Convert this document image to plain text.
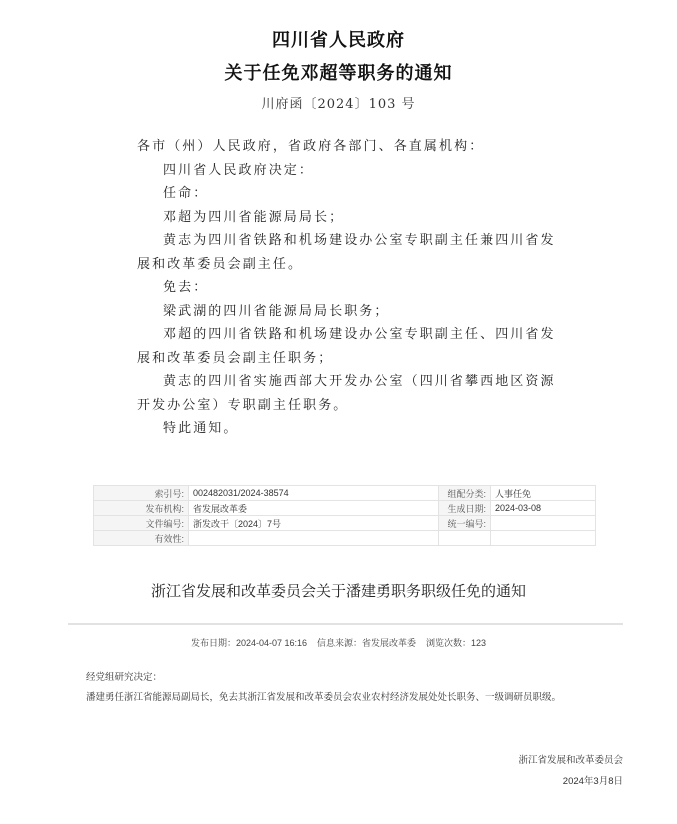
四川省人民政府
关于任免邓超等职务的通知
川府函〔2024〕103 号

各市（州）人民政府，省政府各部门、各直属机构：

四川省人民政府决定：

任命：

邓超为四川省能源局局长；

黄志为四川省铁路和机场建设办公室专职副主任兼四川省发展和改革委员会副主任。

免去：

梁武湖的四川省能源局局长职务；

邓超的四川省铁路和机场建设办公室专职副主任、四川省发展和改革委员会副主任职务；

黄志的四川省实施西部大开发办公室（四川省攀西地区资源开发办公室）专职副主任职务。

特此通知。

索引号:	002482031/2024-38574	组配分类:	人事任免
发布机构:	省发展改革委	生成日期:	2024-03-08
文件编号:	浙发改干〔2024〕7号	统一编号:	
有效性:			
浙江省发展和改革委员会关于潘建勇职务职级任免的通知
发布日期：2024-04-07 16:16 信息来源：省发展改革委 浏览次数：123
经党组研究决定：
潘建勇任浙江省能源局副局长，免去其浙江省发展和改革委员会农业农村经济发展处处长职务、一级调研员职级。
浙江省发展和改革委员会
2024年3月8日
